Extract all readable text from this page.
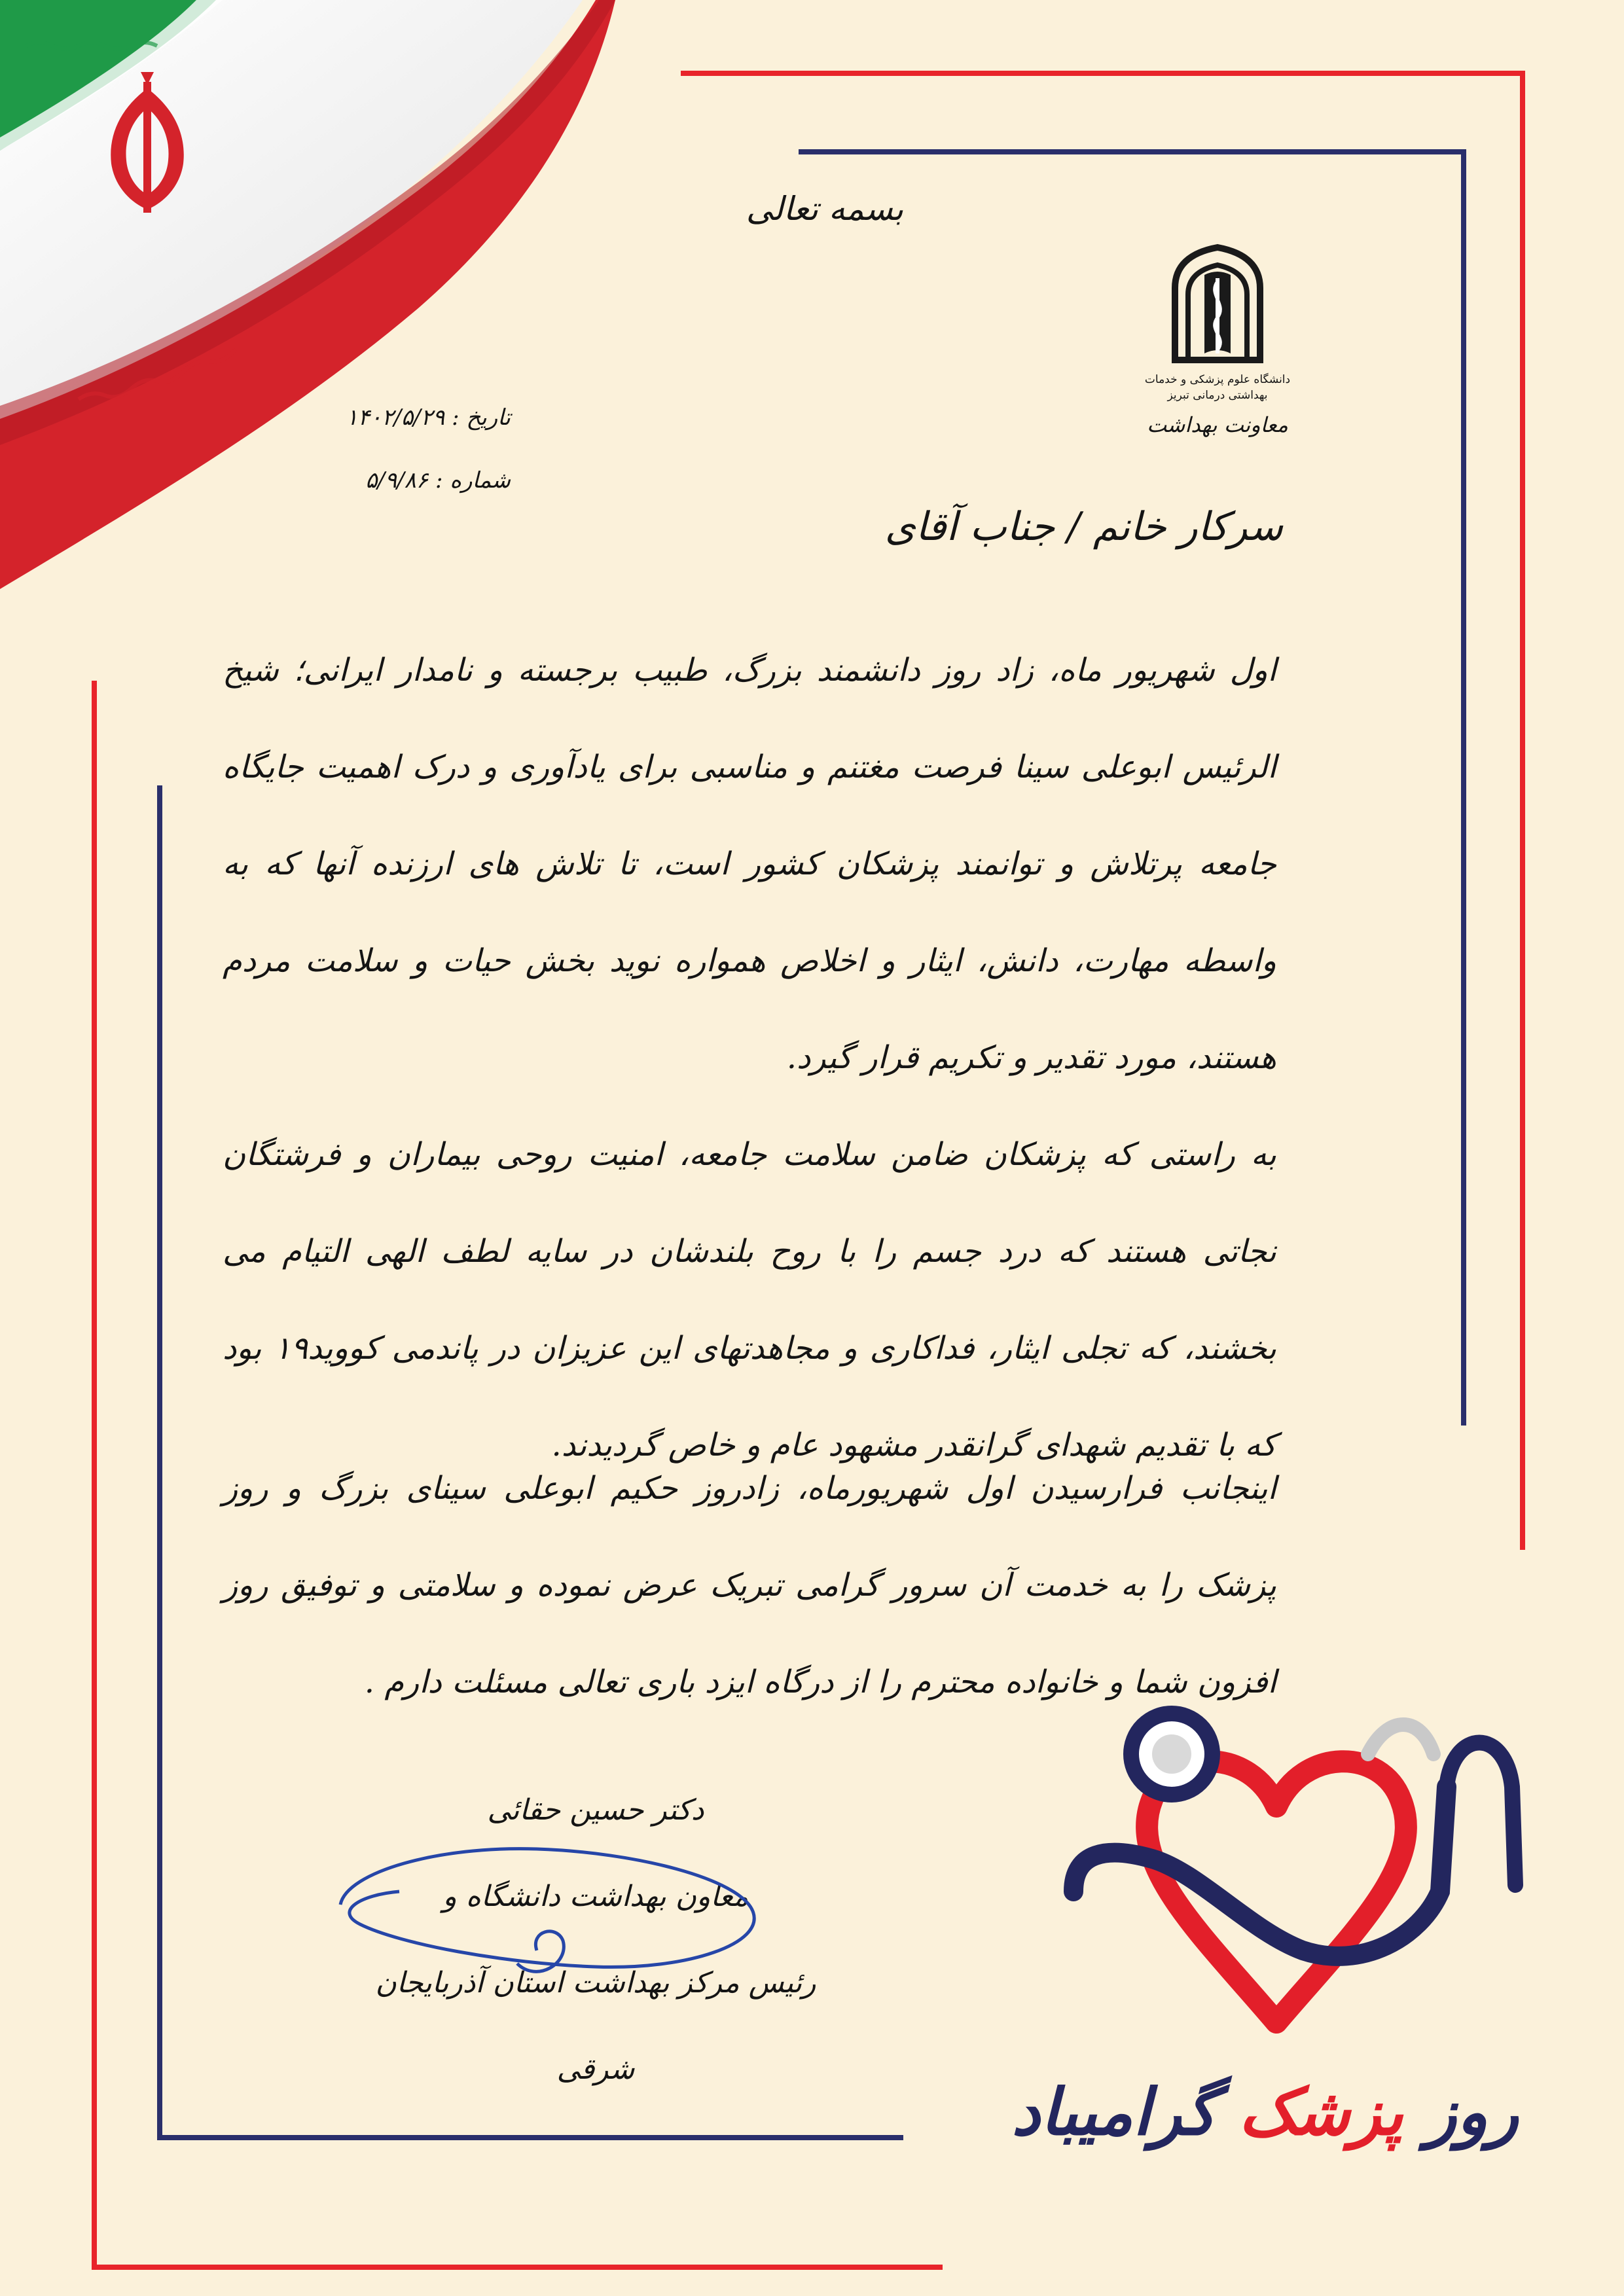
بسمه تعالی
دانشگاه علوم پزشکی و خدمات بهداشتی درمانی تبریز
معاونت بهداشت
تاریخ : ۱۴۰۲/۵/۲۹
شماره : ۵/۹/۸۶
سرکار خانم / جناب آقای
اول شهریور ماه، زاد روز دانشمند بزرگ، طبیب برجسته و نامدار ایرانی؛ شیخ الرئیس ابوعلی سینا فرصت مغتنم و مناسبی برای یادآوری و درک اهمیت جایگاه جامعه پرتلاش و توانمند پزشکان کشور است، تا تلاش های ارزنده آنها که به واسطه مهارت، دانش، ایثار و اخلاص همواره نوید بخش حیات و سلامت مردم هستند، مورد تقدیر و تکریم قرار گیرد.
به راستی که پزشکان ضامن سلامت جامعه، امنیت روحی بیماران و فرشتگان نجاتی هستند که درد جسم را با روح بلندشان در سایه لطف الهی التیام می بخشند، که تجلی ایثار، فداکاری و مجاهدتهای این عزیزان در پاندمی کووید۱۹ بود که با تقدیم شهدای گرانقدر مشهود عام و خاص گردیدند.
اینجانب فرارسیدن اول شهریورماه، زادروز حکیم ابوعلی سینای بزرگ و روز پزشک را به خدمت آن سرور گرامی تبریک عرض نموده و سلامتی و توفیق روز افزون شما و خانواده محترم را از درگاه ایزد باری تعالی مسئلت دارم .
دکتر حسین حقائی
معاون بهداشت دانشگاه و
رئیس مرکز بهداشت استان آذربایجان شرقی
روز پزشک گرامیباد
